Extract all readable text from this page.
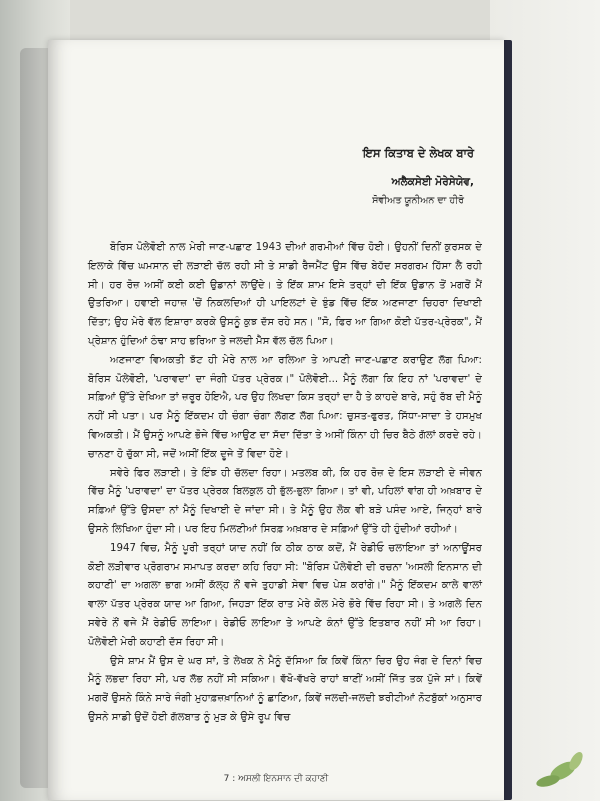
ਇਸ ਕਿਤਾਬ ਦੇ ਲੇਖਕ ਬਾਰੇ
ਅਲੈਕਸੇਈ ਮੋਰੇਸੇਯੇਵ,
ਸੋਵੀਅਤ ਯੂਨੀਅਨ ਦਾ ਹੀਰੋ

ਬੋਰਿਸ ਪੋਲੇਵੋਈ ਨਾਲ ਮੇਰੀ ਜਾਣ-ਪਛਾਣ 1943 ਦੀਆਂ ਗਰਮੀਆਂ ਵਿੱਚ ਹੋਈ। ਉਹਨੀਂ ਦਿਨੀਂ ਕੁਰਸਕ ਦੇ ਇਲਾਕੇ ਵਿੱਚ ਘਮਸਾਨ ਦੀ ਲੜਾਈ ਚੱਲ ਰਹੀ ਸੀ ਤੇ ਸਾਡੀ ਰੈਜਮੈਂਟ ਉਸ ਵਿੱਚ ਬੇਹੱਦ ਸਰਗਰਮ ਹਿੱਸਾ ਲੈ ਰਹੀ ਸੀ। ਹਰ ਰੋਜ਼ ਅਸੀਂ ਕਈ ਕਈ ਉਡਾਨਾਂ ਲਾਉਂਦੇ। ਤੇ ਇੱਕ ਸ਼ਾਮ ਇਸੇ ਤਰ੍ਹਾਂ ਦੀ ਇੱਕ ਉਡਾਨ ਤੋਂ ਮਗਰੋਂ ਮੈਂ ਉਤਰਿਆ। ਹਵਾਈ ਜਹਾਜ਼ 'ਚੋਂ ਨਿਕਲਦਿਆਂ ਹੀ ਪਾਇਲਟਾਂ ਦੇ ਝੁੰਡ ਵਿੱਚ ਇੱਕ ਅਣਜਾਣਾ ਚਿਹਰਾ ਦਿਖਾਈ ਦਿੱਤਾ; ਉਹ ਮੇਰੇ ਵੱਲ ਇਸ਼ਾਰਾ ਕਰਕੇ ਉਸਨੂੰ ਕੁਝ ਦੱਸ ਰਹੇ ਸਨ। "ਸੋ, ਫਿਰ ਆ ਗਿਆ ਕੋਈ ਪੱਤਰ-ਪ੍ਰੇਰਕ", ਮੈਂ ਪ੍ਰੇਸ਼ਾਨ ਹੁੰਦਿਆਂ ਠੰਢਾ ਸਾਹ ਭਰਿਆ ਤੇ ਜਲਦੀ ਮੈੱਸ ਵੱਲ ਚੱਲ ਪਿਆ।

ਅਣਜਾਣਾ ਵਿਅਕਤੀ ਝੱਟ ਹੀ ਮੇਰੇ ਨਾਲ ਆ ਰਲਿਆ ਤੇ ਆਪਣੀ ਜਾਣ-ਪਛਾਣ ਕਰਾਉਣ ਲੱਗ ਪਿਆ: ਬੋਰਿਸ ਪੋਲੇਵੋਈ, 'ਪਰਾਵਦਾ' ਦਾ ਜੰਗੀ ਪੱਤਰ ਪ੍ਰੇਰਕ।" ਪੋਲੇਵੋਈ... ਮੈਨੂੰ ਲੱਗਾ ਕਿ ਇਹ ਨਾਂ 'ਪਰਾਵਦਾ' ਦੇ ਸਫ਼ਿਆਂ ਉੱਤੇ ਦੇਖਿਆ ਤਾਂ ਜ਼ਰੂਰ ਹੋਇਐ, ਪਰ ਉਹ ਲਿਖਦਾ ਕਿਸ ਤਰ੍ਹਾਂ ਦਾ ਹੈ ਤੇ ਕਾਹਦੇ ਬਾਰੇ, ਸਹੁੰ ਰੱਬ ਦੀ ਮੈਨੂੰ ਨਹੀਂ ਸੀ ਪਤਾ। ਪਰ ਮੈਨੂੰ ਇੱਕਦਮ ਹੀ ਚੰਗਾ ਚੰਗਾ ਲੱਗਣ ਲੱਗ ਪਿਆ: ਚੁਸਤ-ਫੁਰਤ, ਸਿੱਧਾ-ਸਾਦਾ ਤੇ ਹਸਮੁਖ ਵਿਅਕਤੀ। ਮੈਂ ਉਸਨੂੰ ਆਪਣੇ ਭੋਜੇ ਵਿੱਚ ਆਉਣ ਦਾ ਸੱਦਾ ਦਿੱਤਾ ਤੇ ਅਸੀਂ ਕਿੰਨਾ ਹੀ ਚਿਰ ਬੈਠੇ ਗੱਲਾਂ ਕਰਦੇ ਰਹੇ। ਚਾਨਣਾ ਹੋ ਚੁੱਕਾ ਸੀ, ਜਦੋਂ ਅਸੀਂ ਇੱਕ ਦੂਜੇ ਤੋਂ ਵਿਦਾ ਹੋਏ।

ਸਵੇਰੇ ਫਿਰ ਲੜਾਈ। ਤੇ ਇੰਝ ਹੀ ਚੱਲਦਾ ਰਿਹਾ। ਮਤਲਬ ਕੀ, ਕਿ ਹਰ ਰੋਜ਼ ਦੇ ਇਸ ਲੜਾਈ ਦੇ ਜੀਵਨ ਵਿੱਚ ਮੈਨੂੰ 'ਪਰਾਵਦਾ' ਦਾ ਪੱਤਰ ਪ੍ਰੇਰਕ ਬਿਲਕੁਲ ਹੀ ਭੁੱਲ-ਭੁਲਾ ਗਿਆ। ਤਾਂ ਵੀ, ਪਹਿਲਾਂ ਵਾਂਗ ਹੀ ਅਖ਼ਬਾਰ ਦੇ ਸਫ਼ਿਆਂ ਉੱਤੇ ਉਸਦਾ ਨਾਂ ਮੈਨੂੰ ਦਿਖਾਈ ਦੇ ਜਾਂਦਾ ਸੀ। ਤੇ ਮੈਨੂੰ ਉਹ ਲੋਕ ਵੀ ਬੜੇ ਪਸੰਦ ਆਏ, ਜਿਨ੍ਹਾਂ ਬਾਰੇ ਉਸਨੇ ਲਿਖਿਆ ਹੁੰਦਾ ਸੀ। ਪਰ ਇਹ ਮਿਲਣੀਆਂ ਸਿਰਫ਼ ਅਖ਼ਬਾਰ ਦੇ ਸਫ਼ਿਆਂ ਉੱਤੇ ਹੀ ਹੁੰਦੀਆਂ ਰਹੀਆਂ।

1947 ਵਿਚ, ਮੈਨੂੰ ਪੂਰੀ ਤਰ੍ਹਾਂ ਯਾਦ ਨਹੀਂ ਕਿ ਠੀਕ ਠਾਕ ਕਦੋਂ, ਮੈਂ ਰੇਡੀਓ ਚਲਾਇਆ ਤਾਂ ਅਨਾਊਂਸਰ ਕੋਈ ਲੜੀਵਾਰ ਪ੍ਰੋਗਰਾਮ ਸਮਾਪਤ ਕਰਦਾ ਕਹਿ ਰਿਹਾ ਸੀ: "ਬੋਰਿਸ ਪੋਲੇਵੋਈ ਦੀ ਰਚਨਾ 'ਅਸਲੀ ਇਨਸਾਨ ਦੀ ਕਹਾਣੀ' ਦਾ ਅਗਲਾ ਭਾਗ ਅਸੀਂ ਕੱਲ੍ਹ ਨੌਂ ਵਜੇ ਤੁਹਾਡੀ ਸੇਵਾ ਵਿਚ ਪੇਸ਼ ਕਰਾਂਗੇ।" ਮੈਨੂੰ ਇੱਕਦਮ ਕਾਲੇ ਵਾਲਾਂ ਵਾਲਾ ਪੱਤਰ ਪ੍ਰੇਰਕ ਯਾਦ ਆ ਗਿਆ, ਜਿਹੜਾ ਇੱਕ ਰਾਤ ਮੇਰੇ ਕੋਲ ਮੇਰੇ ਭੋਰੇ ਵਿੱਚ ਰਿਹਾ ਸੀ। ਤੇ ਅਗਲੇ ਦਿਨ ਸਵੇਰੇ ਨੌਂ ਵਜੇ ਮੈਂ ਰੇਡੀਓ ਲਾਇਆ। ਰੇਡੀਓ ਲਾਇਆ ਤੇ ਆਪਣੇ ਕੰਨਾਂ ਉੱਤੇ ਇਤਬਾਰ ਨਹੀਂ ਸੀ ਆ ਰਿਹਾ। ਪੋਲੇਵੋਈ ਮੇਰੀ ਕਹਾਣੀ ਦੱਸ ਰਿਹਾ ਸੀ।

ਉਸੇ ਸ਼ਾਮ ਮੈਂ ਉਸ ਦੇ ਘਰ ਸਾਂ, ਤੇ ਲੇਖਕ ਨੇ ਮੈਨੂੰ ਦੱਸਿਆ ਕਿ ਕਿਵੇਂ ਕਿੰਨਾ ਚਿਰ ਉਹ ਜੰਗ ਦੇ ਦਿਨਾਂ ਵਿਚ ਮੈਨੂੰ ਲਭਦਾ ਰਿਹਾ ਸੀ, ਪਰ ਲੱਭ ਨਹੀਂ ਸੀ ਸਕਿਆ। ਵੱਖੋ-ਵੱਖਰੇ ਰਾਹਾਂ ਥਾਣੀਂ ਅਸੀਂ ਜਿੱਤ ਤਕ ਪੁੱਜੇ ਸਾਂ। ਕਿਵੇਂ ਮਗਰੋਂ ਉਸਨੇ ਕਿੰਨੇ ਸਾਰੇ ਜੰਗੀ ਮੁਹਾਫ਼ਜ਼ਖ਼ਾਨਿਆਂ ਨੂੰ ਛਾਣਿਆ, ਕਿਵੇਂ ਜਲਦੀ-ਜਲਦੀ ਝਰੀਟੀਆਂ ਨੋਟਬੁੱਕਾਂ ਅਨੁਸਾਰ ਉਸਨੇ ਸਾਡੀ ਉਦੋਂ ਹੋਈ ਗੱਲਬਾਤ ਨੂੰ ਮੁੜ ਕੇ ਉਸੇ ਰੂਪ ਵਿਚ

7 : ਅਸਲੀ ਇਨਸਾਨ ਦੀ ਕਹਾਣੀ
